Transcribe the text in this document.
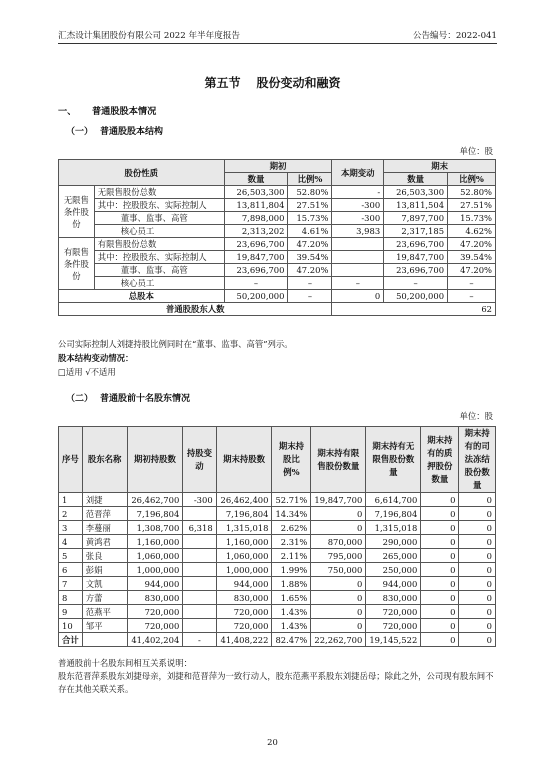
汇杰设计集团股份有限公司 2022 年半年度报告	公告编号：2022-041
第五节 股份变动和融资
一、 普通股股本情况
（一） 普通股股本结构
单位：股
股份性质		期初		本期变动	期末	
		数量	比例%		数量	比例%
无限售条件股份	无限售股份总数	26,503,300	52.80%	-	26,503,300	52.80%
	其中：控股股东、实际控制人	13,811,804	27.51%	-300	13,811,504	27.51%
	董事、监事、高管	7,898,000	15.73%	-300	7,897,700	15.73%
	核心员工	2,313,202	4.61%	3,983	2,317,185	4.62%
有限售条件股份	有限售股份总数	23,696,700	47.20%		23,696,700	47.20%
	其中：控股股东、实际控制人	19,847,700	39.54%		19,847,700	39.54%
	董事、监事、高管	23,696,700	47.20%		23,696,700	47.20%
	核心员工	–	–	–	–	–
总股本		50,200,000	–	0	50,200,000	–
普通股股东人数				62		
公司实际控制人刘捷持股比例同时在“董事、监事、高管”列示。
股本结构变动情况：
□适用 √不适用
（二） 普通股前十名股东情况
单位：股
序号	股东名称	期初持股数	持股变动	期末持股数	期末持股比例%	期末持有限售股份数量	期末持有无限售股份数量	期末持有的质押股份数量	期末持有的司法冻结股份数量
1	刘捷	26,462,700	-300	26,462,400	52.71%	19,847,700	6,614,700	0	0
2	范晋萍	7,196,804		7,196,804	14.34%	0	7,196,804	0	0
3	李蔓丽	1,308,700	6,318	1,315,018	2.62%	0	1,315,018	0	0
4	黄鸿君	1,160,000		1,160,000	2.31%	870,000	290,000	0	0
5	张良	1,060,000		1,060,000	2.11%	795,000	265,000	0	0
6	彭娟	1,000,000		1,000,000	1.99%	750,000	250,000	0	0
7	文凯	944,000		944,000	1.88%	0	944,000	0	0
8	方蕾	830,000		830,000	1.65%	0	830,000	0	0
9	范燕平	720,000		720,000	1.43%	0	720,000	0	0
10	邹平	720,000		720,000	1.43%	0	720,000	0	0
合计		41,402,204	-	41,408,222	82.47%	22,262,700	19,145,522	0	0
普通股前十名股东间相互关系说明：
股东范晋萍系股东刘捷母亲，刘捷和范晋萍为一致行动人，股东范燕平系股东刘捷岳母；除此之外，公司现有股东间不存在其他关联关系。
20
